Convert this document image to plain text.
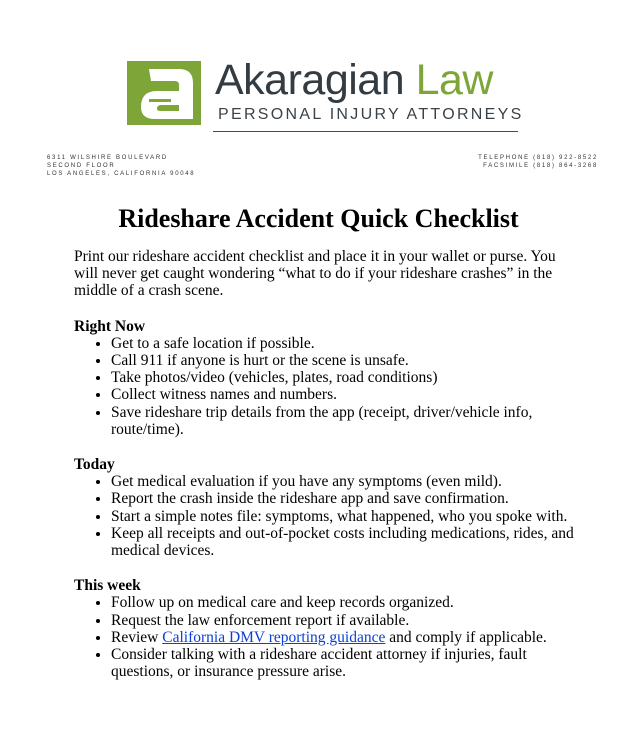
Akaragian Law
PERSONAL INJURY ATTORNEYS
6311 WILSHIRE BOULEVARD
SECOND FLOOR
LOS ANGELES, CALIFORNIA 90048
TELEPHONE (818) 922-8522
FACSIMILE (818) 864-3268
Rideshare Accident Quick Checklist

Print our rideshare accident checklist and place it in your wallet or purse. You will never get caught wondering “what to do if your rideshare crashes” in the middle of a crash scene.

Right Now
• Get to a safe location if possible.
• Call 911 if anyone is hurt or the scene is unsafe.
• Take photos/video (vehicles, plates, road conditions)
• Collect witness names and numbers.
• Save rideshare trip details from the app (receipt, driver/vehicle info, route/time).
Today
• Get medical evaluation if you have any symptoms (even mild).
• Report the crash inside the rideshare app and save confirmation.
• Start a simple notes file: symptoms, what happened, who you spoke with.
• Keep all receipts and out-of-pocket costs including medications, rides, and medical devices.
This week
• Follow up on medical care and keep records organized.
• Request the law enforcement report if available.
• Review California DMV reporting guidance and comply if applicable.
• Consider talking with a rideshare accident attorney if injuries, fault questions, or insurance pressure arise.
